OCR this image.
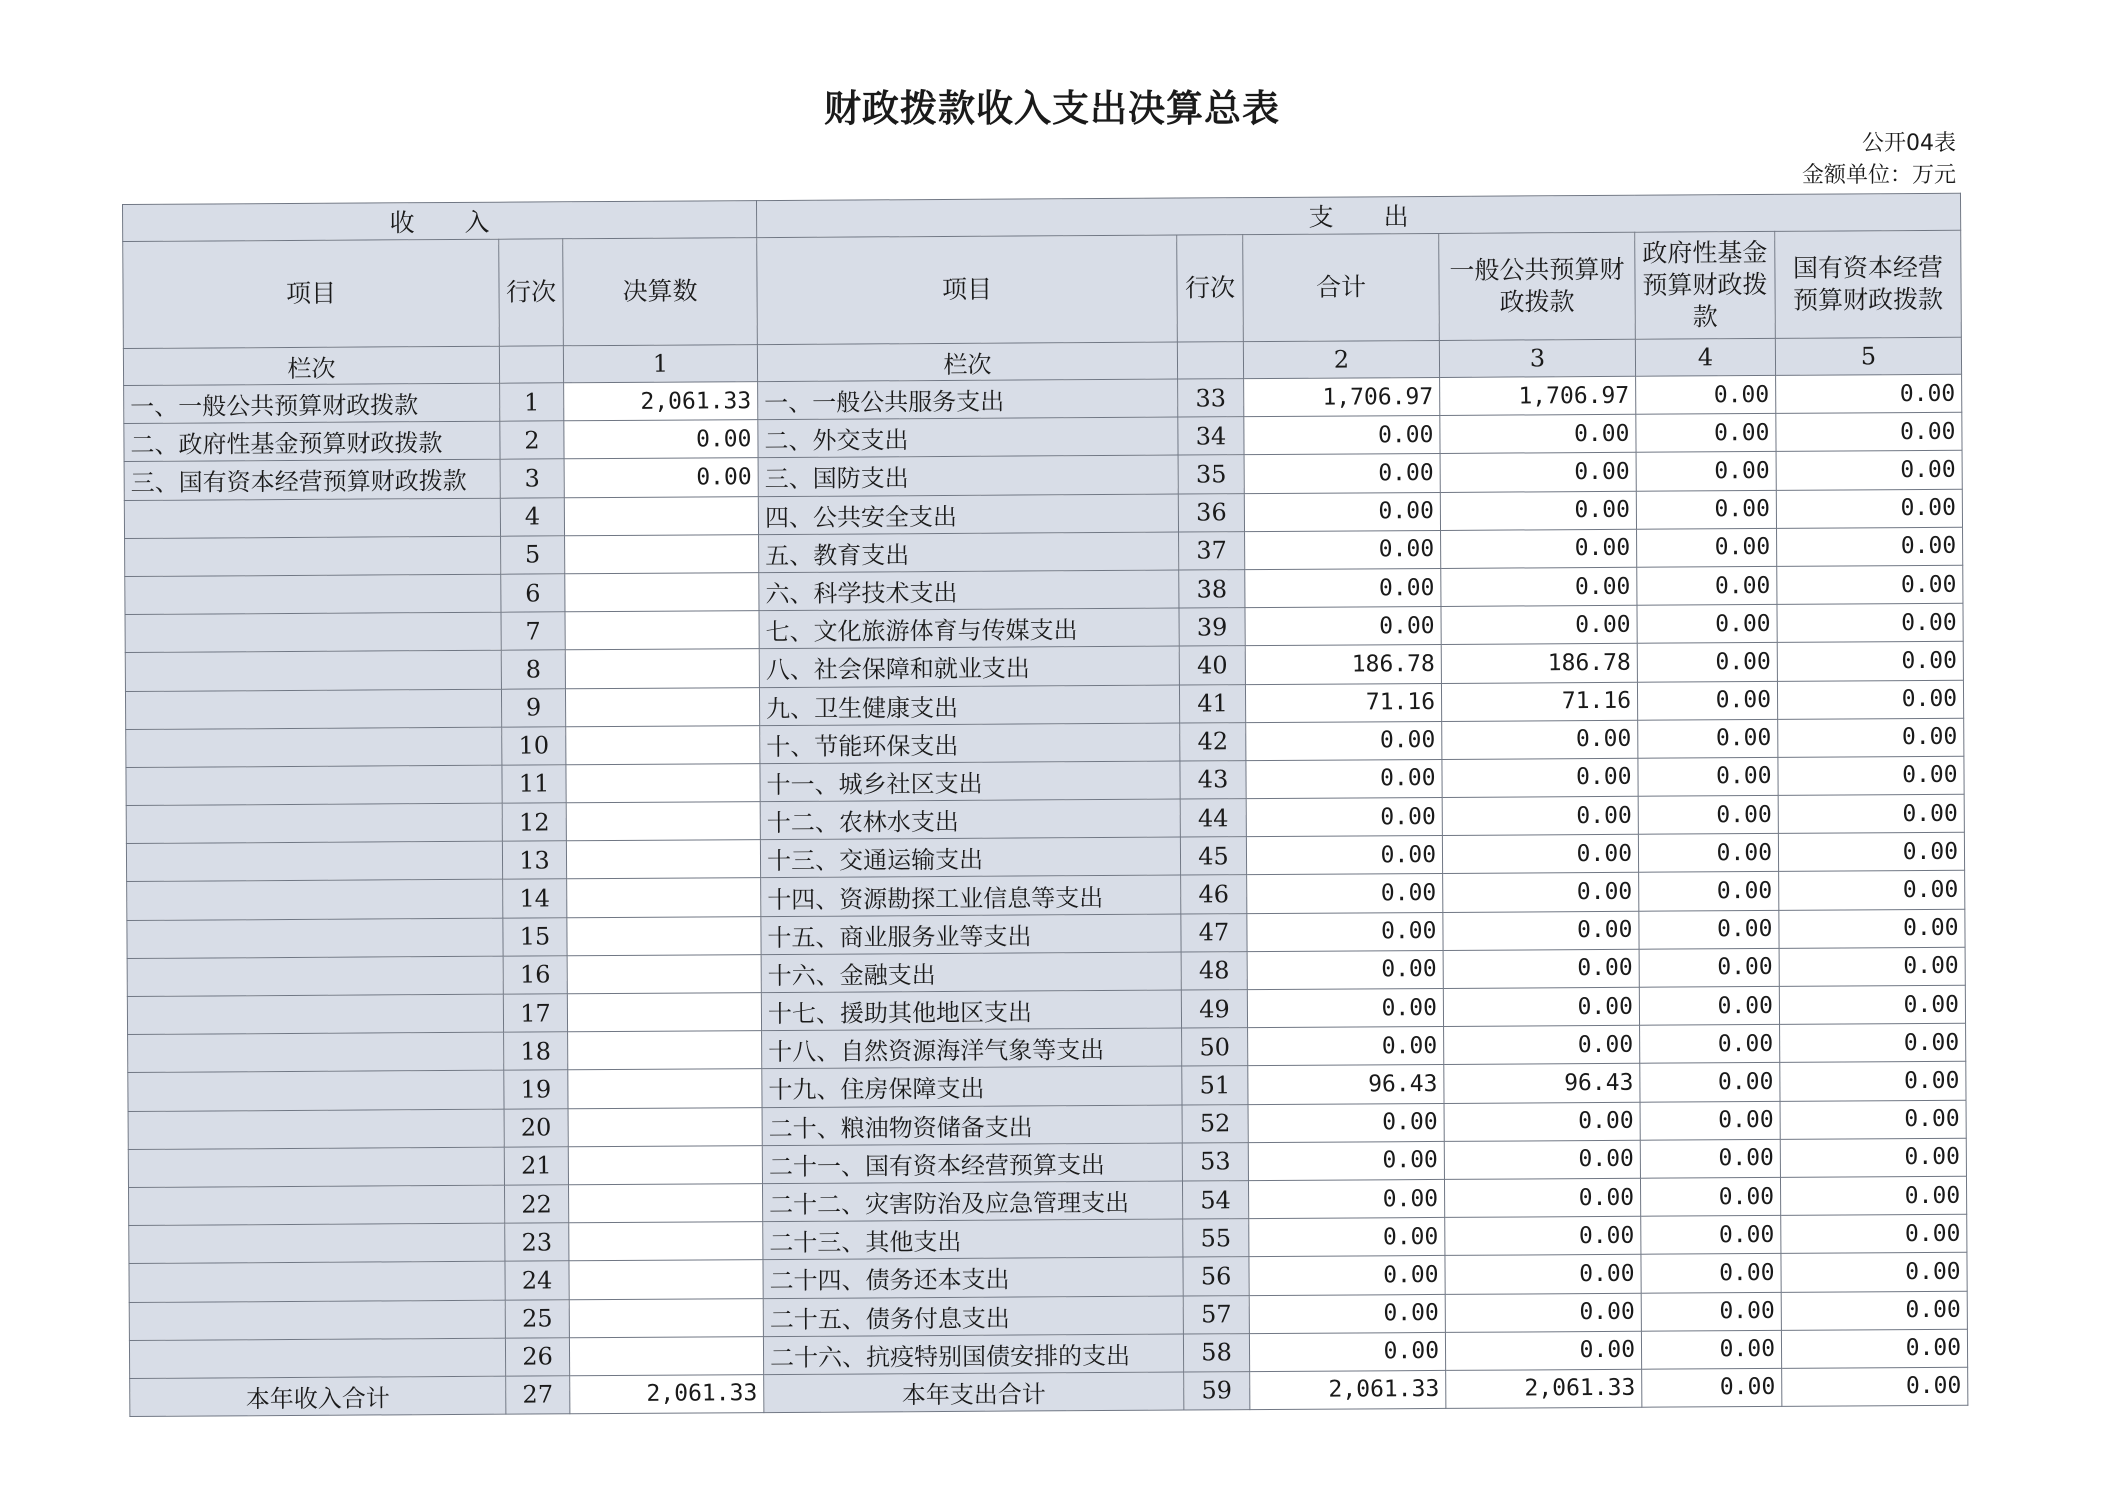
财政拨款收入支出决算总表
公开04表
金额单位：万元
收　　入			支　　出					
项目	行次	决算数	项目	行次	合计	一般公共预算财政拨款	政府性基金预算财政拨款	国有资本经营预算财政拨款
栏次		1	栏次		2	3	4	5
一、一般公共预算财政拨款	1	2,061.33	一、一般公共服务支出	33	1,706.97	1,706.97	0.00	0.00
二、政府性基金预算财政拨款	2	0.00	二、外交支出	34	0.00	0.00	0.00	0.00
三、国有资本经营预算财政拨款	3	0.00	三、国防支出	35	0.00	0.00	0.00	0.00
	4		四、公共安全支出	36	0.00	0.00	0.00	0.00
	5		五、教育支出	37	0.00	0.00	0.00	0.00
	6		六、科学技术支出	38	0.00	0.00	0.00	0.00
	7		七、文化旅游体育与传媒支出	39	0.00	0.00	0.00	0.00
	8		八、社会保障和就业支出	40	186.78	186.78	0.00	0.00
	9		九、卫生健康支出	41	71.16	71.16	0.00	0.00
	10		十、节能环保支出	42	0.00	0.00	0.00	0.00
	11		十一、城乡社区支出	43	0.00	0.00	0.00	0.00
	12		十二、农林水支出	44	0.00	0.00	0.00	0.00
	13		十三、交通运输支出	45	0.00	0.00	0.00	0.00
	14		十四、资源勘探工业信息等支出	46	0.00	0.00	0.00	0.00
	15		十五、商业服务业等支出	47	0.00	0.00	0.00	0.00
	16		十六、金融支出	48	0.00	0.00	0.00	0.00
	17		十七、援助其他地区支出	49	0.00	0.00	0.00	0.00
	18		十八、自然资源海洋气象等支出	50	0.00	0.00	0.00	0.00
	19		十九、住房保障支出	51	96.43	96.43	0.00	0.00
	20		二十、粮油物资储备支出	52	0.00	0.00	0.00	0.00
	21		二十一、国有资本经营预算支出	53	0.00	0.00	0.00	0.00
	22		二十二、灾害防治及应急管理支出	54	0.00	0.00	0.00	0.00
	23		二十三、其他支出	55	0.00	0.00	0.00	0.00
	24		二十四、债务还本支出	56	0.00	0.00	0.00	0.00
	25		二十五、债务付息支出	57	0.00	0.00	0.00	0.00
	26		二十六、抗疫特别国债安排的支出	58	0.00	0.00	0.00	0.00
本年收入合计	27	2,061.33	本年支出合计	59	2,061.33	2,061.33	0.00	0.00
